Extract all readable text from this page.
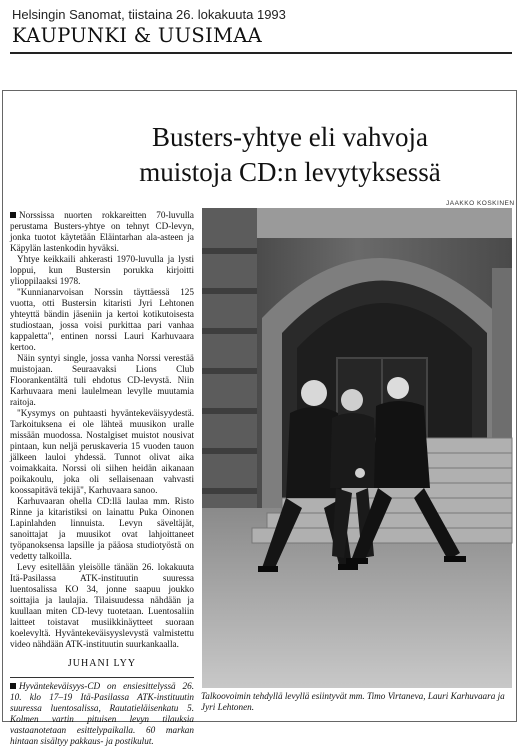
Helsingin Sanomat, tiistaina 26. lokakuuta 1993
KAUPUNKI & UUSIMAA
Busters-yhtye eli vahvoja
muistoja CD:n levytyksessä

Norssissa nuorten rokkareitten 70-luvulla perustama Busters-yhtye on tehnyt CD-levyn, jonka tuotot käytetään Eläintarhan ala-asteen ja Käpylän lastenkodin hyväksi.

Yhtye keikkaili ahkerasti 1970-luvulla ja lysti loppui, kun Bustersin porukka kirjoitti ylioppilaaksi 1978.

"Kunnianarvoisan Norssin täyttäessä 125 vuotta, otti Bustersin kitaristi Jyri Lehtonen yhteyttä bändin jäseniin ja kertoi kotikutoisesta studiostaan, jossa voisi purkittaa pari vanhaa kappaletta", entinen norssi Lauri Karhuvaara kertoo.

Näin syntyi single, jossa vanha Norssi verestää muistojaan. Seuraavaksi Lions Club Floorankentältä tuli ehdotus CD-levystä. Niin Karhuvaara meni laulelmean levylle muutamia raitoja.

"Kysymys on puhtaasti hyväntekeväisyydestä. Tarkoituksena ei ole lähteä muusikon uralle missään muodossa. Nostalgiset muistot nousivat pintaan, kun neljä peruskaveria 15 vuoden tauon jälkeen lauloi yhdessä. Tunnot olivat aika voimakkaita. Norssi oli siihen heidän aikanaan poikakoulu, joka oli sellaisenaan vahvasti koossapitävä tekijä", Karhuvaara sanoo.

Karhuvaaran ohella CD:llä laulaa mm. Risto Rinne ja kitaristiksi on lainattu Puka Oinonen Lapinlahden linnuista. Levyn säveltäjät, sanoittajat ja muusikot ovat lahjoittaneet työpanoksensa lapsille ja pääosa studiotyöstä on vedetty talkoilla.

Levy esitellään yleisölle tänään 26. lokakuuta Itä-Pasilassa ATK-instituutin suuressa luentosalissa KO 34, jonne saapuu joukko soittajia ja laulajia. Tilaisuudessa nähdään ja kuullaan miten CD-levy tuotetaan. Luentosaliin laitteet toistavat musiikkinäytteet suoraan koelevyltä. Hyväntekeväisyyslevystä valmistettu video nähdään ATK-instituutin suurkankaalla.

JUHANI LYY
Hyväntekeväisyys-CD on ensiesittelyssä 26. 10. klo 17–19 Itä-Pasilassa ATK-instituutin suuressa luentosalissa, Rautatieläisenkatu 5. Kolmen vartin pituisen levyn tilauksia vastaanotetaan esittelypaikalla. 60 markan hintaan sisältyy pakkaus- ja postikulut.
JAAKKO KOSKINEN
Talkoovoimin tehdyllä levyllä esiintyvät mm. Timo Virtaneva, Lauri Karhuvaara ja Jyri Lehtonen.
